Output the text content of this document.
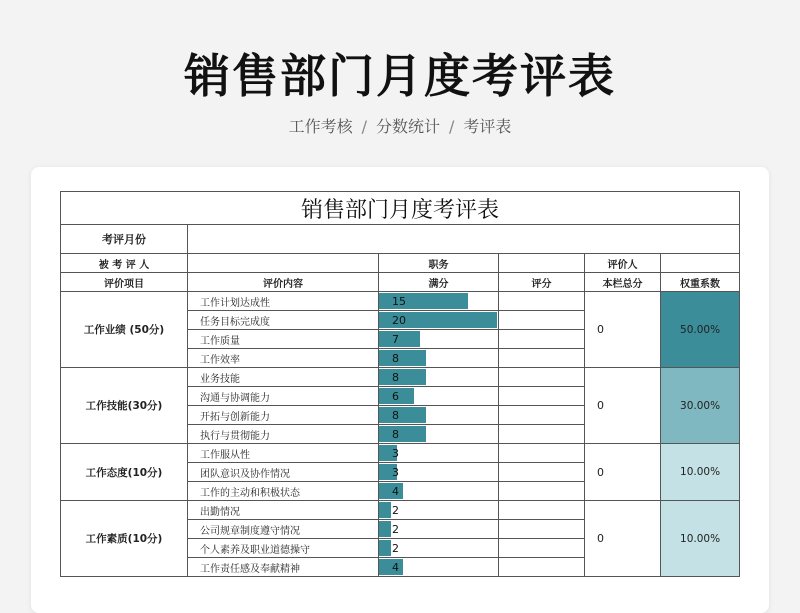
销售部门月度考评表
工作考核 / 分数统计 / 考评表
销售部门月度考评表					
考评月份					
被 考 评 人		职务		评价人	
评价项目	评价内容	满分	评分	本栏总分	权重系数
工作业绩 (50分)	工作计划达成性	15		0	50.00%
	任务目标完成度	20			
	工作质量	7			
	工作效率	8			
工作技能(30分)	业务技能	8		0	30.00%
	沟通与协调能力	6			
	开拓与创新能力	8			
	执行与贯彻能力	8			
工作态度(10分)	工作服从性	3		0	10.00%
	团队意识及协作情况	3			
	工作的主动和积极状态	4			
工作素质(10分)	出勤情况	2		0	10.00%
	公司规章制度遵守情况	2			
	个人素养及职业道德操守	2			
	工作责任感及奉献精神	4			
